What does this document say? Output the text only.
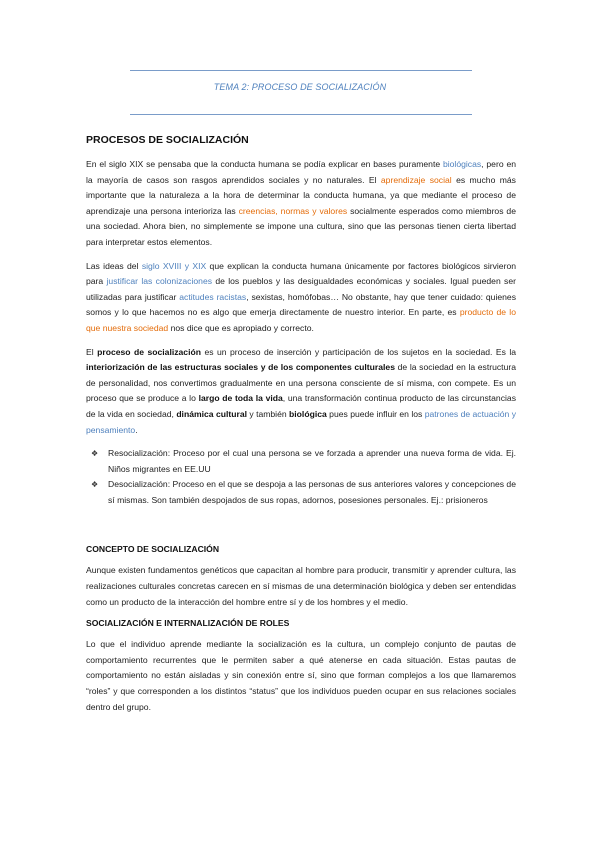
TEMA 2: PROCESO DE SOCIALIZACIÓN
PROCESOS DE SOCIALIZACIÓN

En el siglo XIX se pensaba que la conducta humana se podía explicar en bases puramente biológicas, pero en la mayoría de casos son rasgos aprendidos sociales y no naturales. El aprendizaje social es mucho más importante que la naturaleza a la hora de determinar la conducta humana, ya que mediante el proceso de aprendizaje una persona interioriza las creencias, normas y valores socialmente esperados como miembros de una sociedad. Ahora bien, no simplemente se impone una cultura, sino que las personas tienen cierta libertad para interpretar estos elementos.

Las ideas del siglo XVIII y XIX que explican la conducta humana únicamente por factores biológicos sirvieron para justificar las colonizaciones de los pueblos y las desigualdades económicas y sociales. Igual pueden ser utilizadas para justificar actitudes racistas, sexistas, homófobas… No obstante, hay que tener cuidado: quienes somos y lo que hacemos no es algo que emerja directamente de nuestro interior. En parte, es producto de lo que nuestra sociedad nos dice que es apropiado y correcto.

El proceso de socialización es un proceso de inserción y participación de los sujetos en la sociedad. Es la interiorización de las estructuras sociales y de los componentes culturales de la sociedad en la estructura de personalidad, nos convertimos gradualmente en una persona consciente de sí misma, con compete. Es un proceso que se produce a lo largo de toda la vida, una transformación continua producto de las circunstancias de la vida en sociedad, dinámica cultural y también biológica pues puede influir en los patrones de actuación y pensamiento.

❖ Resocialización: Proceso por el cual una persona se ve forzada a aprender una nueva forma de vida. Ej. Niños migrantes en EE.UU
❖ Desocialización: Proceso en el que se despoja a las personas de sus anteriores valores y concepciones de sí mismas. Son también despojados de sus ropas, adornos, posesiones personales. Ej.: prisioneros
CONCEPTO DE SOCIALIZACIÓN

Aunque existen fundamentos genéticos que capacitan al hombre para producir, transmitir y aprender cultura, las realizaciones culturales concretas carecen en sí mismas de una determinación biológica y deben ser entendidas como un producto de la interacción del hombre entre sí y de los hombres y el medio.

SOCIALIZACIÓN E INTERNALIZACIÓN DE ROLES

Lo que el individuo aprende mediante la socialización es la cultura, un complejo conjunto de pautas de comportamiento recurrentes que le permiten saber a qué atenerse en cada situación. Estas pautas de comportamiento no están aisladas y sin conexión entre sí, sino que forman complejos a los que llamaremos “roles” y que corresponden a los distintos “status” que los individuos pueden ocupar en sus relaciones sociales dentro del grupo.
